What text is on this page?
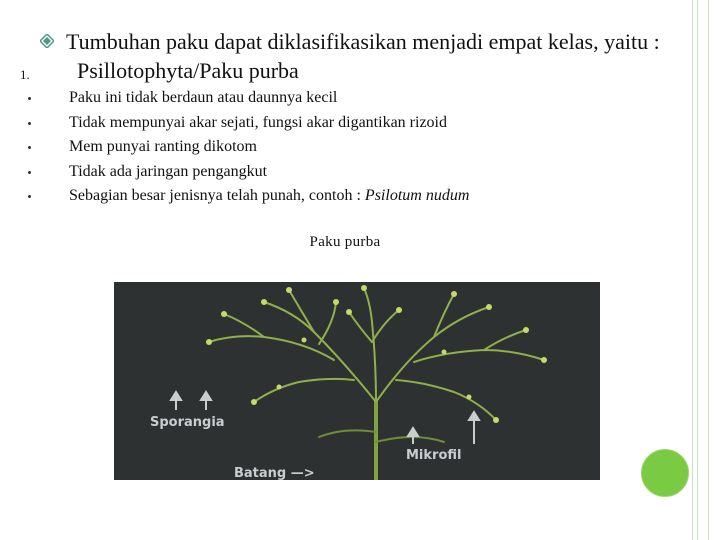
Tumbuhan paku dapat diklasifikasikan menjadi empat kelas, yaitu :
1. Psillotophyta/Paku purba
Paku ini tidak berdaun atau daunnya kecil
Tidak mempunyai akar sejati, fungsi akar digantikan rizoid
Mem punyai ranting dikotom
Tidak ada jaringan pengangkut
Sebagian besar jenisnya telah punah, contoh : Psilotum nudum
Paku purba
Sporangia
Mikrofil
Batang —>
